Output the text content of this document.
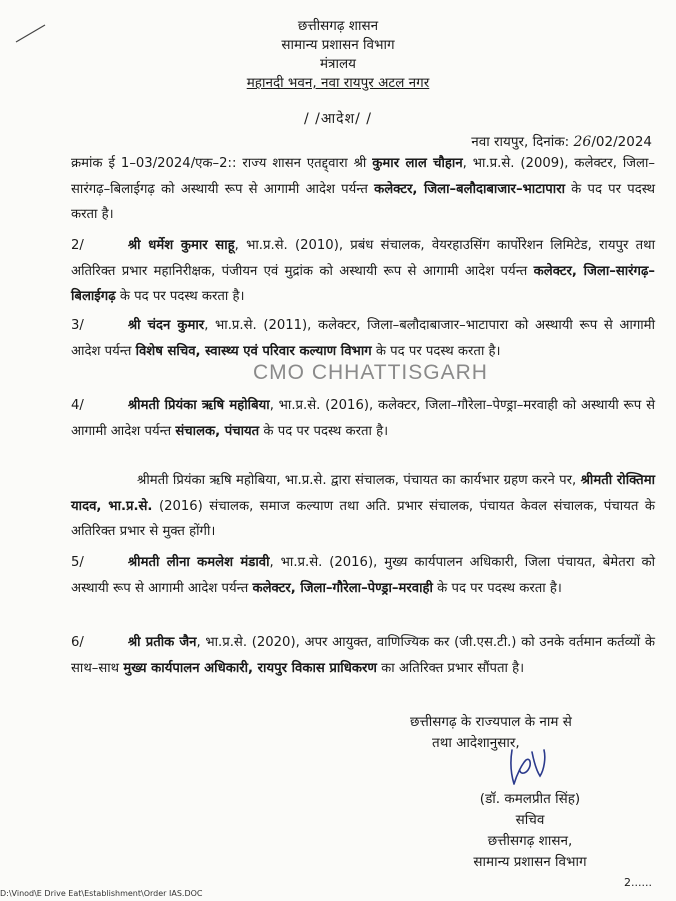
छत्तीसगढ़ शासन
सामान्य प्रशासन विभाग
मंत्रालय
महानदी भवन, नवा रायपुर अटल नगर
/ /आदेश/ /
नवा रायपुर, दिनांक: 26/02/2024
क्रमांक ई 1–03/2024/एक–2:: राज्य शासन एतद्द्वारा श्री कुमार लाल चौहान, भा.प्र.से. (2009), कलेक्टर, जिला–सारंगढ़–बिलाईगढ़ को अस्थायी रूप से आगामी आदेश पर्यन्त कलेक्टर, जिला–बलौदाबाजार–भाटापारा के पद पर पदस्थ करता है।
2/	श्री धर्मेश कुमार साहू, भा.प्र.से. (2010), प्रबंध संचालक, वेयरहाउसिंग कार्पोरेशन लिमिटेड, रायपुर तथा अतिरिक्त प्रभार महानिरीक्षक, पंजीयन एवं मुद्रांक को अस्थायी रूप से आगामी आदेश पर्यन्त कलेक्टर, जिला–सारंगढ़–बिलाईगढ़ के पद पर पदस्थ करता है।
3/	श्री चंदन कुमार, भा.प्र.से. (2011), कलेक्टर, जिला–बलौदाबाजार–भाटापारा को अस्थायी रूप से आगामी आदेश पर्यन्त विशेष सचिव, स्वास्थ्य एवं परिवार कल्याण विभाग के पद पर पदस्थ करता है।
CMO CHHATTISGARH
4/	श्रीमती प्रियंका ऋषि महोबिया, भा.प्र.से. (2016), कलेक्टर, जिला–गौरेला–पेण्ड्रा–मरवाही को अस्थायी रूप से आगामी आदेश पर्यन्त संचालक, पंचायत के पद पर पदस्थ करता है।
श्रीमती प्रियंका ऋषि महोबिया, भा.प्र.से. द्वारा संचालक, पंचायत का कार्यभार ग्रहण करने पर, श्रीमती रोक्तिमा यादव, भा.प्र.से. (2016) संचालक, समाज कल्याण तथा अति. प्रभार संचालक, पंचायत केवल संचालक, पंचायत के अतिरिक्त प्रभार से मुक्त होंगी।
5/	श्रीमती लीना कमलेश मंडावी, भा.प्र.से. (2016), मुख्य कार्यपालन अधिकारी, जिला पंचायत, बेमेतरा को अस्थायी रूप से आगामी आदेश पर्यन्त कलेक्टर, जिला–गौरेला–पेण्ड्रा–मरवाही के पद पर पदस्थ करता है।
6/	श्री प्रतीक जैन, भा.प्र.से. (2020), अपर आयुक्त, वाणिज्यिक कर (जी.एस.टी.) को उनके वर्तमान कर्तव्यों के साथ–साथ मुख्य कार्यपालन अधिकारी, रायपुर विकास प्राधिकरण का अतिरिक्त प्रभार सौंपता है।
छत्तीसगढ़ के राज्यपाल के नाम से
तथा आदेशानुसार,
(डॉ. कमलप्रीत सिंह)
सचिव
छत्तीसगढ़ शासन,
सामान्य प्रशासन विभाग
2......
D:\Vinod\E Drive Eat\Establishment\Order IAS.DOC
